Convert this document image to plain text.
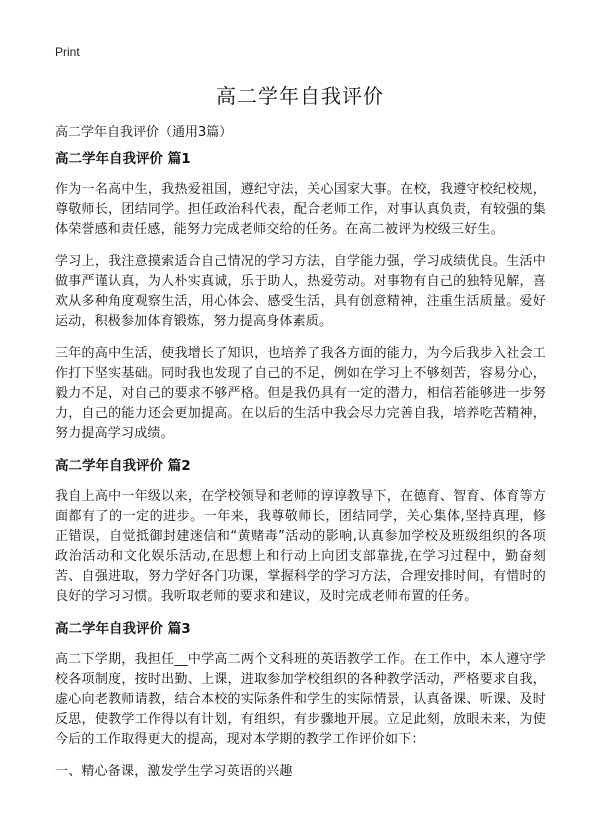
Print
高二学年自我评价

高二学年自我评价（通用3篇）

高二学年自我评价 篇1

作为一名高中生，我热爱祖国，遵纪守法，关心国家大事。在校，我遵守校纪校规，尊敬师长，团结同学。担任政治科代表，配合老师工作，对事认真负责，有较强的集体荣誉感和责任感，能努力完成老师交给的任务。在高二被评为校级三好生。

学习上，我注意摸索适合自己情况的学习方法，自学能力强，学习成绩优良。生活中做事严谨认真，为人朴实真诚，乐于助人，热爱劳动。对事物有自己的独特见解，喜欢从多种角度观察生活，用心体会、感受生活，具有创意精神，注重生活质量。爱好运动，积极参加体育锻炼，努力提高身体素质。

三年的高中生活，使我增长了知识，也培养了我各方面的能力，为今后我步入社会工作打下坚实基础。同时我也发现了自己的不足，例如在学习上不够刻苦，容易分心，毅力不足，对自己的要求不够严格。但是我仍具有一定的潜力，相信若能够进一步努力，自己的能力还会更加提高。在以后的生活中我会尽力完善自我，培养吃苦精神，努力提高学习成绩。

高二学年自我评价 篇2

我自上高中一年级以来，在学校领导和老师的谆谆教导下，在德育、智育、体育等方面都有了的一定的进步。一年来，我尊敬师长，团结同学，关心集体,坚持真理，修正错误，自觉抵御封建迷信和“黄赌毒”活动的影响,认真参加学校及班级组织的各项政治活动和文化娱乐活动,在思想上和行动上向团支部靠拢,在学习过程中，勤奋刻苦、自强进取，努力学好各门功课，掌握科学的学习方法，合理安排时间，有惜时的良好的学习习惯。我听取老师的要求和建议，及时完成老师布置的任务。

高二学年自我评价 篇3

高二下学期，我担任__中学高二两个文科班的英语教学工作。在工作中，本人遵守学校各项制度，按时出勤、上课，进取参加学校组织的各种教学活动，严格要求自我，虚心向老教师请教，结合本校的实际条件和学生的实际情景，认真备课、听课、及时反思，使教学工作得以有计划，有组织，有步骤地开展。立足此刻，放眼未来，为使今后的工作取得更大的提高，现对本学期的教学工作评价如下：

一、精心备课，激发学生学习英语的兴趣
